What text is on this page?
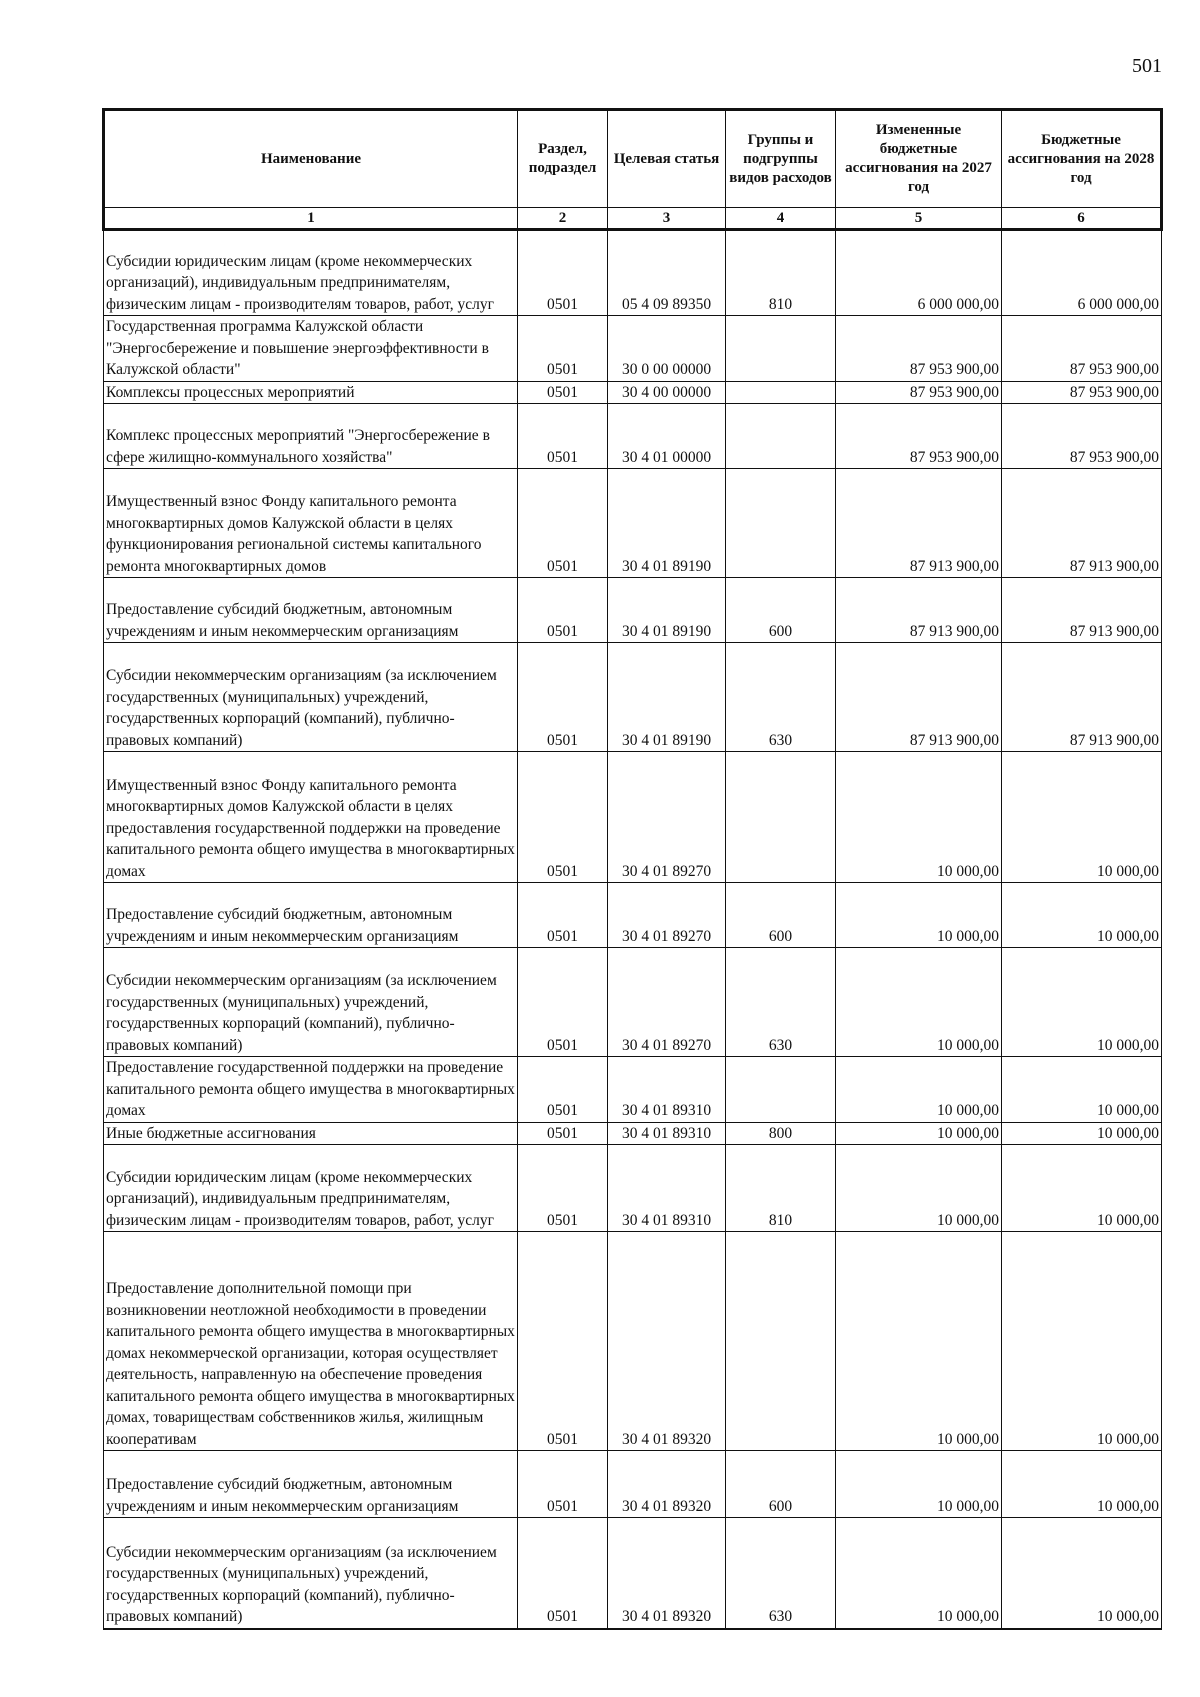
501
Наименование	Раздел, подраздел	Целевая статья	Группы и подгруппы видов расходов	Измененные бюджетные ассигнования на 2027 год	Бюджетные ассигнования на 2028 год
1	2	3	4	5	6
Субсидии юридическим лицам (кроме некоммерческих организаций), индивидуальным предпринимателям, физическим лицам - производителям товаров, работ, услуг	0501	05 4 09 89350	810	6 000 000,00	6 000 000,00
Государственная программа Калужской области "Энергосбережение и повышение энергоэффективности в Калужской области"	0501	30 0 00 00000		87 953 900,00	87 953 900,00
Комплексы процессных мероприятий	0501	30 4 00 00000		87 953 900,00	87 953 900,00
Комплекс процессных мероприятий "Энергосбережение в сфере жилищно-коммунального хозяйства"	0501	30 4 01 00000		87 953 900,00	87 953 900,00
Имущественный взнос Фонду капитального ремонта многоквартирных домов Калужской области в целях функционирования региональной системы капитального ремонта многоквартирных домов	0501	30 4 01 89190		87 913 900,00	87 913 900,00
Предоставление субсидий бюджетным, автономным учреждениям и иным некоммерческим организациям	0501	30 4 01 89190	600	87 913 900,00	87 913 900,00
Субсидии некоммерческим организациям (за исключением государственных (муниципальных) учреждений, государственных корпораций (компаний), публично-правовых компаний)	0501	30 4 01 89190	630	87 913 900,00	87 913 900,00
Имущественный взнос Фонду капитального ремонта многоквартирных домов Калужской области в целях предоставления государственной поддержки на проведение капитального ремонта общего имущества в многоквартирных домах	0501	30 4 01 89270		10 000,00	10 000,00
Предоставление субсидий бюджетным, автономным учреждениям и иным некоммерческим организациям	0501	30 4 01 89270	600	10 000,00	10 000,00
Субсидии некоммерческим организациям (за исключением государственных (муниципальных) учреждений, государственных корпораций (компаний), публично-правовых компаний)	0501	30 4 01 89270	630	10 000,00	10 000,00
Предоставление государственной поддержки на проведение капитального ремонта общего имущества в многоквартирных домах	0501	30 4 01 89310		10 000,00	10 000,00
Иные бюджетные ассигнования	0501	30 4 01 89310	800	10 000,00	10 000,00
Субсидии юридическим лицам (кроме некоммерческих организаций), индивидуальным предпринимателям, физическим лицам - производителям товаров, работ, услуг	0501	30 4 01 89310	810	10 000,00	10 000,00
Предоставление дополнительной помощи при возникновении неотложной необходимости в проведении капитального ремонта общего имущества в многоквартирных домах некоммерческой организации, которая осуществляет деятельность, направленную на обеспечение проведения капитального ремонта общего имущества в многоквартирных домах, товариществам собственников жилья, жилищным кооперативам	0501	30 4 01 89320		10 000,00	10 000,00
Предоставление субсидий бюджетным, автономным учреждениям и иным некоммерческим организациям	0501	30 4 01 89320	600	10 000,00	10 000,00
Субсидии некоммерческим организациям (за исключением государственных (муниципальных) учреждений, государственных корпораций (компаний), публично-правовых компаний)	0501	30 4 01 89320	630	10 000,00	10 000,00
